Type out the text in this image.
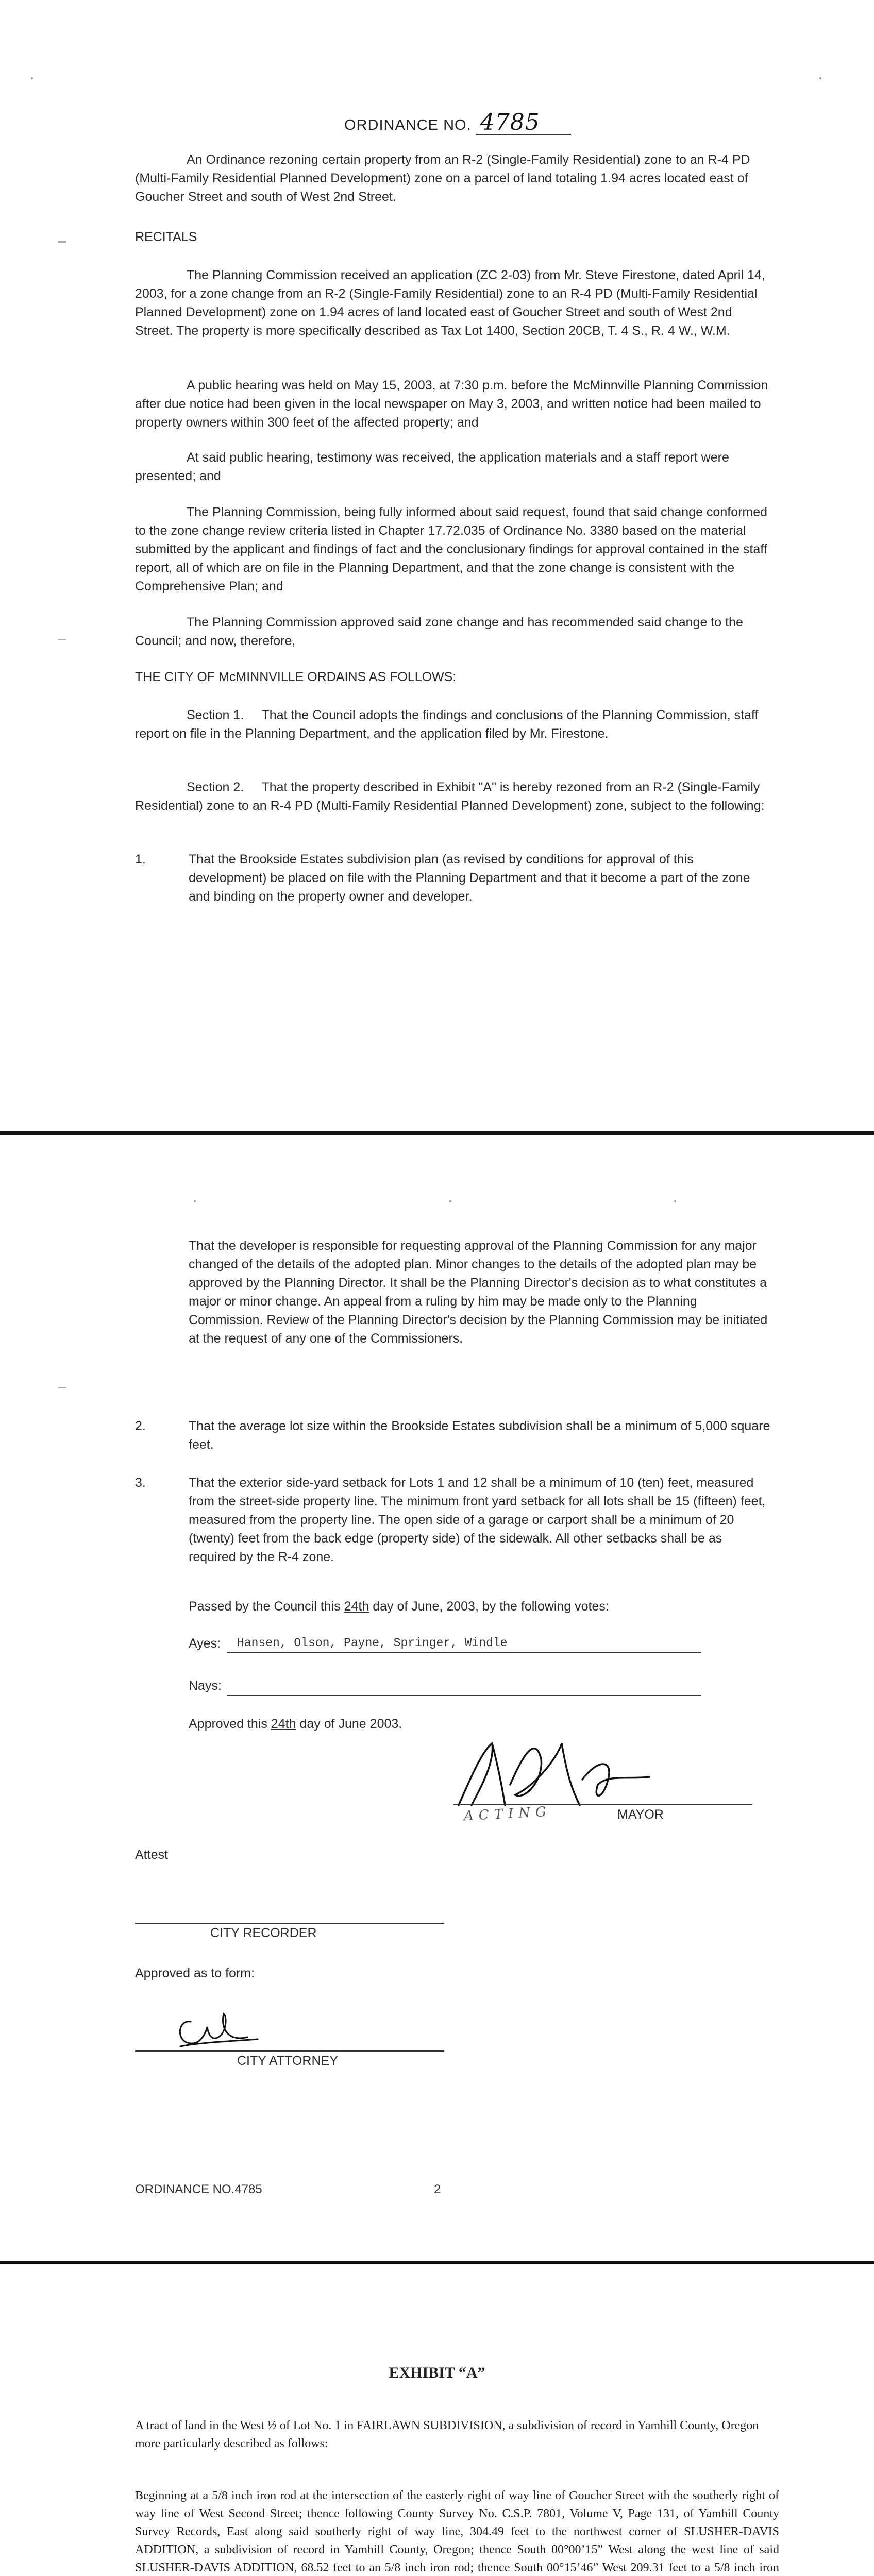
ORDINANCE NO. 4785
An Ordinance rezoning certain property from an R-2 (Single-Family Residential) zone to an R-4 PD (Multi-Family Residential Planned Development) zone on a parcel of land totaling 1.94 acres located east of Goucher Street and south of West 2nd Street.
RECITALS
The Planning Commission received an application (ZC 2-03) from Mr. Steve Firestone, dated April 14, 2003, for a zone change from an R-2 (Single-Family Residential) zone to an R-4 PD (Multi-Family Residential Planned Development) zone on 1.94 acres of land located east of Goucher Street and south of West 2nd Street. The property is more specifically described as Tax Lot 1400, Section 20CB, T. 4 S., R. 4 W., W.M.
A public hearing was held on May 15, 2003, at 7:30 p.m. before the McMinnville Planning Commission after due notice had been given in the local newspaper on May 3, 2003, and written notice had been mailed to property owners within 300 feet of the affected property; and
At said public hearing, testimony was received, the application materials and a staff report were presented; and
The Planning Commission, being fully informed about said request, found that said change conformed to the zone change review criteria listed in Chapter 17.72.035 of Ordinance No. 3380 based on the material submitted by the applicant and findings of fact and the conclusionary findings for approval contained in the staff report, all of which are on file in the Planning Department, and that the zone change is consistent with the Comprehensive Plan; and
The Planning Commission approved said zone change and has recommended said change to the Council; and now, therefore,
THE CITY OF McMINNVILLE ORDAINS AS FOLLOWS:
Section 1.     That the Council adopts the findings and conclusions of the Planning Commission, staff report on file in the Planning Department, and the application filed by Mr. Firestone.
Section 2.     That the property described in Exhibit "A" is hereby rezoned from an R-2 (Single-Family Residential) zone to an R-4 PD (Multi-Family Residential Planned Development) zone, subject to the following:
1.	That the Brookside Estates subdivision plan (as revised by conditions for approval of this development) be placed on file with the Planning Department and that it become a part of the zone and binding on the property owner and developer.
That the developer is responsible for requesting approval of the Planning Commission for any major changed of the details of the adopted plan. Minor changes to the details of the adopted plan may be approved by the Planning Director. It shall be the Planning Director's decision as to what constitutes a major or minor change. An appeal from a ruling by him may be made only to the Planning Commission. Review of the Planning Director's decision by the Planning Commission may be initiated at the request of any one of the Commissioners.
2.	That the average lot size within the Brookside Estates subdivision shall be a minimum of 5,000 square feet.
3.	That the exterior side-yard setback for Lots 1 and 12 shall be a minimum of 10 (ten) feet, measured from the street-side property line. The minimum front yard setback for all lots shall be 15 (fifteen) feet, measured from the property line. The open side of a garage or carport shall be a minimum of 20 (twenty) feet from the back edge (property side) of the sidewalk. All other setbacks shall be as required by the R-4 zone.
Passed by the Council this 24th day of June, 2003, by the following votes:
Ayes:	Hansen, Olson, Payne, Springer, Windle
Nays:
Approved this 24th day of June 2003.
ACTING	MAYOR
Attest
CITY RECORDER
Approved as to form:
CITY ATTORNEY
ORDINANCE NO.4785	2
EXHIBIT “A”
A tract of land in the West ½ of Lot No. 1 in FAIRLAWN SUBDIVISION, a subdivision of record in Yamhill County, Oregon more particularly described as follows:
Beginning at a 5/8 inch iron rod at the intersection of the easterly right of way line of Goucher Street with the southerly right of way line of West Second Street; thence following County Survey No. C.S.P. 7801, Volume V, Page 131, of Yamhill County Survey Records, East along said southerly right of way line, 304.49 feet to the northwest corner of SLUSHER-DAVIS ADDITION, a subdivision of record in Yamhill County, Oregon; thence South 00°00’15” West along the west line of said SLUSHER-DAVIS ADDITION, 68.52 feet to an 5/8 inch iron rod; thence South 00°15’46” West 209.31 feet to a 5/8 inch iron
